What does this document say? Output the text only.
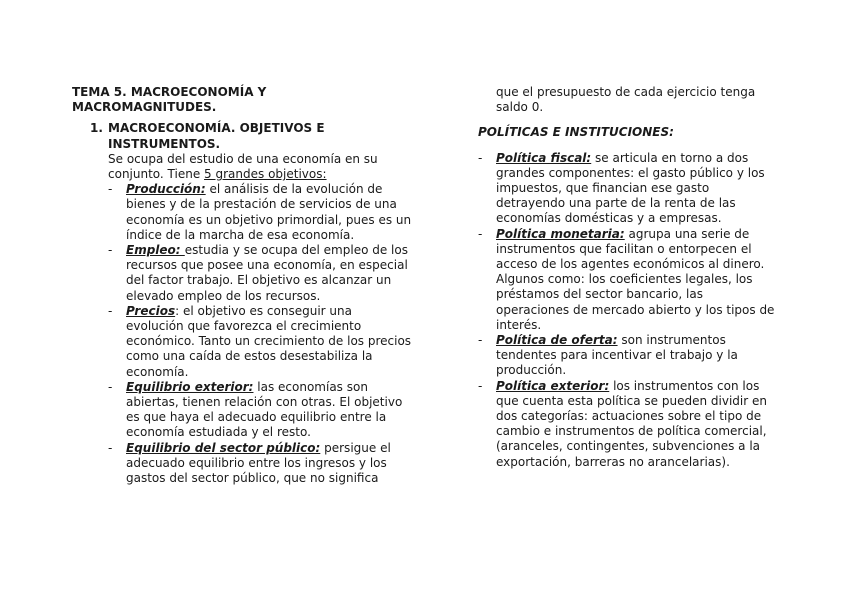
TEMA 5. MACROECONOMÍA Y MACROMAGNITUDES.

1. MACROECONOMÍA. OBJETIVOS E INSTRUMENTOS.

Se ocupa del estudio de una economía en su conjunto. Tiene 5 grandes objetivos:

- Producción: el análisis de la evolución de bienes y de la prestación de servicios de una economía es un objetivo primordial, pues es un índice de la marcha de esa economía.
- Empleo: estudia y se ocupa del empleo de los recursos que posee una economía, en especial del factor trabajo. El objetivo es alcanzar un elevado empleo de los recursos.
- Precios: el objetivo es conseguir una evolución que favorezca el crecimiento económico. Tanto un crecimiento de los precios como una caída de estos desestabiliza la economía.
- Equilibrio exterior: las economías son abiertas, tienen relación con otras. El objetivo es que haya el adecuado equilibrio entre la economía estudiada y el resto.
- Equilibrio del sector público: persigue el adecuado equilibrio entre los ingresos y los gastos del sector público, que no significa

que el presupuesto de cada ejercicio tenga saldo 0.

POLÍTICAS E INSTITUCIONES:

- Política fiscal: se articula en torno a dos grandes componentes: el gasto público y los impuestos, que financian ese gasto detrayendo una parte de la renta de las economías domésticas y a empresas.
- Política monetaria: agrupa una serie de instrumentos que facilitan o entorpecen el acceso de los agentes económicos al dinero. Algunos como: los coeficientes legales, los préstamos del sector bancario, las operaciones de mercado abierto y los tipos de interés.
- Política de oferta: son instrumentos tendentes para incentivar el trabajo y la producción.
- Política exterior: los instrumentos con los que cuenta esta política se pueden dividir en dos categorías: actuaciones sobre el tipo de cambio e instrumentos de política comercial, (aranceles, contingentes, subvenciones a la exportación, barreras no arancelarias).
